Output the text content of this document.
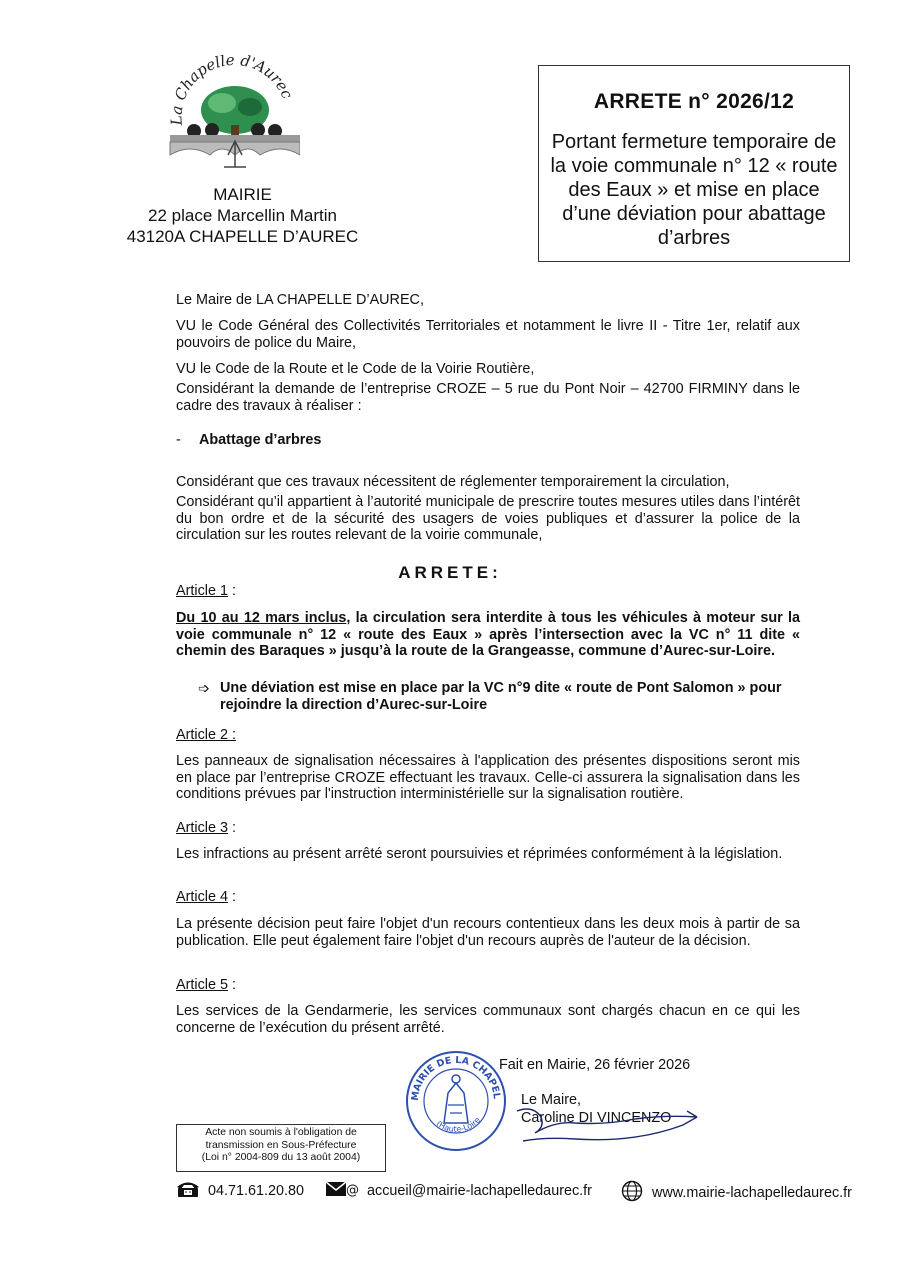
La Chapelle d'Aurec
MAIRIE
22 place Marcellin Martin
43120A CHAPELLE D’AUREC
ARRETE n° 2026/12
Portant fermeture temporaire de la voie communale n° 12 « route des Eaux » et mise en place d’une déviation pour abattage d’arbres
Le Maire de LA CHAPELLE D’AUREC,
VU le Code Général des Collectivités Territoriales et notamment le livre II - Titre 1er, relatif aux pouvoirs de police du Maire,
VU le Code de la Route et le Code de la Voirie Routière,
Considérant la demande de l’entreprise CROZE – 5 rue du Pont Noir – 42700 FIRMINY dans le cadre des travaux à réaliser :
- Abattage d’arbres
Considérant que ces travaux nécessitent de réglementer temporairement la circulation,
Considérant qu’il appartient à l’autorité municipale de prescrire toutes mesures utiles dans l’intérêt du bon ordre et de la sécurité des usagers de voies publiques et d’assurer la police de la circulation sur les routes relevant de la voirie communale,
ARRETE:
Article 1 :
Du 10 au 12 mars inclus, la circulation sera interdite à tous les véhicules à moteur sur la voie communale n° 12 « route des Eaux » après l’intersection avec la VC n° 11 dite « chemin des Baraques » jusqu’à la route de la Grangeasse, commune d’Aurec-sur-Loire.
➩ Une déviation est mise en place par la VC n°9 dite « route de Pont Salomon » pour rejoindre la direction d’Aurec-sur-Loire
Article 2 :
Les panneaux de signalisation nécessaires à l'application des présentes dispositions seront mis en place par l’entreprise CROZE effectuant les travaux. Celle-ci assurera la signalisation dans les conditions prévues par l'instruction interministérielle sur la signalisation routière.
Article 3 :
Les infractions au présent arrêté seront poursuivies et réprimées conformément à la législation.
Article 4 :
La présente décision peut faire l'objet d'un recours contentieux dans les deux mois à partir de sa publication. Elle peut également faire l'objet d'un recours auprès de l'auteur de la décision.
Article 5 :
Les services de la Gendarmerie, les services communaux sont chargés chacun en ce qui les concerne de l’exécution du présent arrêté.
MAIRIE DE LA CHAPEL
(Haute-Loire
Fait en Mairie, 26 février 2026
Le Maire,
Caroline DI VINCENZO
Acte non soumis à l'obligation de
transmission en Sous-Préfecture
(Loi n° 2004-809 du 13 août 2004)
04.71.61.20.80	@ accueil@mairie-lachapelledaurec.fr	www.mairie-lachapelledaurec.fr
